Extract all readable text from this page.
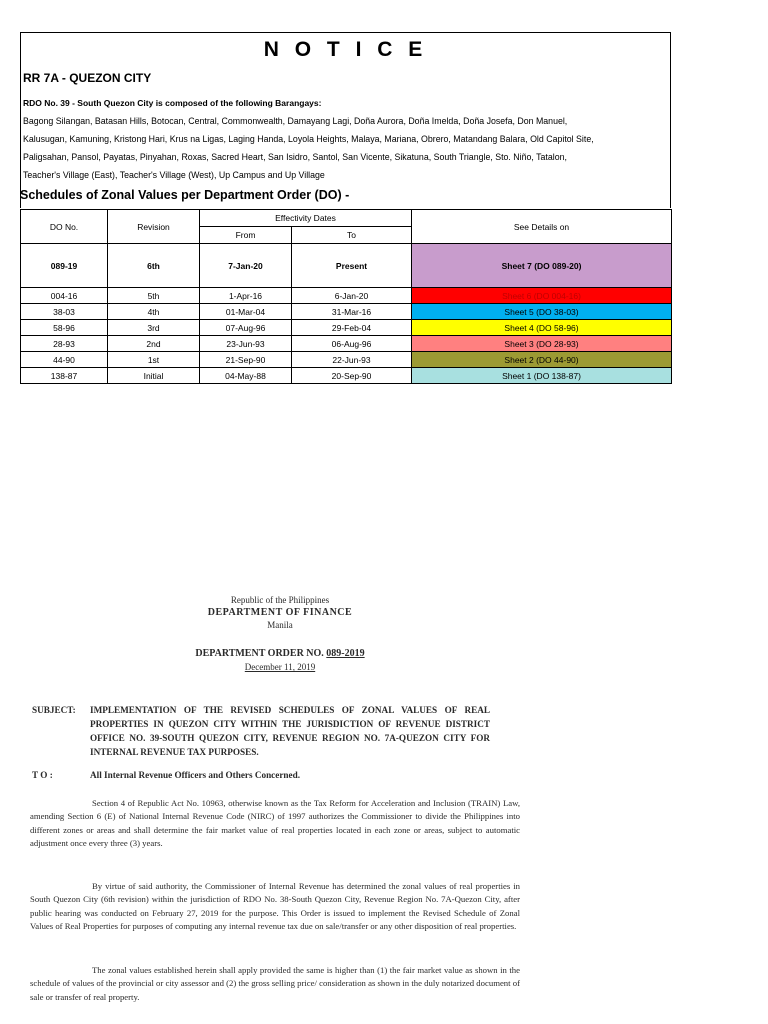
N O T I C E
RR 7A - QUEZON CITY
RDO No. 39 - South Quezon City is composed of the following Barangays:
Bagong Silangan, Batasan Hills, Botocan, Central, Commonwealth, Damayang Lagi, Doña Aurora, Doña Imelda, Doña Josefa, Don Manuel,
Kalusugan, Kamuning, Kristong Hari, Krus na Ligas, Laging Handa, Loyola Heights, Malaya, Mariana, Obrero, Matandang Balara, Old Capitol Site,
Paligsahan, Pansol, Payatas, Pinyahan, Roxas, Sacred Heart, San Isidro, Santol, San Vicente, Sikatuna, South Triangle, Sto. Niño, Tatalon,
Teacher's Village (East), Teacher's Village (West), Up Campus and Up Village
Schedules of Zonal Values per Department Order (DO) -
DO No.	Revision	Effectivity Dates		See Details on
		From	To	
089-19	6th	7-Jan-20	Present	Sheet 7 (DO 089-20)
004-16	5th	1-Apr-16	6-Jan-20	Sheet 6 (DO 004-16)
38-03	4th	01-Mar-04	31-Mar-16	Sheet 5 (DO 38-03)
58-96	3rd	07-Aug-96	29-Feb-04	Sheet 4 (DO 58-96)
28-93	2nd	23-Jun-93	06-Aug-96	Sheet 3 (DO 28-93)
44-90	1st	21-Sep-90	22-Jun-93	Sheet 2 (DO 44-90)
138-87	Initial	04-May-88	20-Sep-90	Sheet 1 (DO 138-87)
Republic of the Philippines
DEPARTMENT OF FINANCE
Manila
DEPARTMENT ORDER NO. 089-2019
December 11, 2019
SUBJECT: IMPLEMENTATION OF THE REVISED SCHEDULES OF ZONAL VALUES OF REAL PROPERTIES IN QUEZON CITY WITHIN THE JURISDICTION OF REVENUE DISTRICT OFFICE NO. 39-SOUTH QUEZON CITY, REVENUE REGION NO. 7A-QUEZON CITY FOR INTERNAL REVENUE TAX PURPOSES.
T O :	All Internal Revenue Officers and Others Concerned.
Section 4 of Republic Act No. 10963, otherwise known as the Tax Reform for Acceleration and Inclusion (TRAIN) Law, amending Section 6 (E) of National Internal Revenue Code (NIRC) of 1997 authorizes the Commissioner to divide the Philippines into different zones or areas and shall determine the fair market value of real properties located in each zone or areas, subject to automatic adjustment once every three (3) years.
By virtue of said authority, the Commissioner of Internal Revenue has determined the zonal values of real properties in South Quezon City (6th revision) within the jurisdiction of RDO No. 38-South Quezon City, Revenue Region No. 7A-Quezon City, after public hearing was conducted on February 27, 2019 for the purpose. This Order is issued to implement the Revised Schedule of Zonal Values of Real Properties for purposes of computing any internal revenue tax due on sale/transfer or any other disposition of real properties.
The zonal values established herein shall apply provided the same is higher than (1) the fair market value as shown in the schedule of values of the provincial or city assessor and (2) the gross selling price/ consideration as shown in the duly notarized document of sale or transfer of real property.
